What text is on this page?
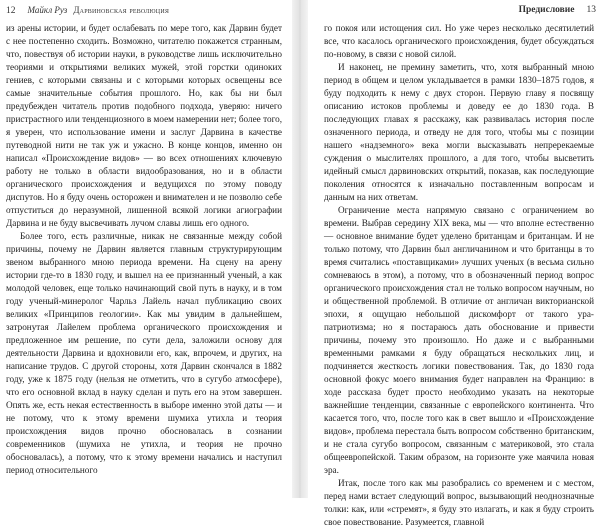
12 Майкл Руз Дарвиновская революция

из арены истории, и будет ослабевать по мере того, как Дарвин будет с нее постепенно сходить. Возможно, читателю покажется странным, что, повествуя об истории науки, в руководстве лишь исключительно теориями и открытиями великих мужей, этой горстки одиноких гениев, с которыми связаны и с которыми которых освещены все самые значительные события прошлого. Но, как бы ни был предубежден читатель против подобного подхода, уверяю: ничего пристрастного или тенденциозного в моем намерении нет; более того, я уверен, что использование имени и заслуг Дарвина в качестве путеводной нити не так уж и ужасно. В конце концов, именно он написал «Происхождение видов» — во всех отношениях ключевую работу не только в области видообразования, но и в области органического происхождения и ведущихся по этому поводу диспутов. Но я буду очень осторожен и внимателен и не позволю себе отпуститься до неразумной, лишенной всякой логики агиографии Дарвина и не буду высвечивать лучом славы лишь его одного.

Более того, есть различные, никак не связанные между собой причины, почему не Дарвин является главным структурирующим звеном выбранного мною периода времени. На сцену на арену истории где-то в 1830 году, и вышел на ее признанный ученый, а как молодой человек, еще только начинающий свой путь в науку, и в том году ученый-минеролог Чарльз Лайель начал публикацию своих великих «Принципов геологии». Как мы увидим в дальнейшем, затронутая Лайелем проблема органического происхождения и предложенное им решение, по сути дела, заложили основу для деятельности Дарвина и вдохновили его, как, впрочем, и других, на написание трудов. С другой стороны, хотя Дарвин скончался в 1882 году, уже к 1875 году (нельзя не отметить, что в сугубо атмосфере), что его основной вклад в науку сделан и путь его на этом завершен. Опять же, есть некая естественность в выборе именно этой даты — и не потому, что к этому времени шумиха утихла и теория происхождения видов прочно обосновалась в сознании современников (шумиха не утихла, и теория не прочно обосновалась), а потому, что к этому времени начались и наступил период относительного

Предисловие 13

го покоя или истощения сил. Но уже через несколько десятилетий все, что касалось органического происхождения, будет обсуждаться по-новому, в связи с новой силой.

И наконец, не премину заметить, что, хотя выбранный мною период в общем и целом укладывается в рамки 1830–1875 годов, я буду подходить к нему с двух сторон. Первую главу я посвящу описанию истоков проблемы и доведу ее до 1830 года. В последующих главах я расскажу, как развивалась история после означенного периода, и отведу не для того, чтобы мы с позиции нашего «надземного» века могли высказывать непререкаемые суждения о мыслителях прошлого, а для того, чтобы высветить идейный смысл дарвиновских открытий, показав, как последующие поколения относятся к изначально поставленным вопросам и данным на них ответам.

Ограничение места напрямую связано с ограничением во времени. Выбрав середину XIX века, мы — что вполне естественно — основное внимание будет уделено британцам и британцам. И не только потому, что Дарвин был англичанином и что британцы в то время считались «поставщиками» лучших ученых (в весьма сильно сомневаюсь в этом), а потому, что в обозначенный период вопрос органического происхождения стал не только вопросом научным, но и общественной проблемой. В отличие от англичан викторианской эпохи, я ощущаю небольшой дискомфорт от такого ура-патриотизма; но я постараюсь дать обоснование и привести причины, почему это произошло. Но даже и с выбранными временными рамками я буду обращаться нескольких лиц, и подчиняется жесткость логики повествования. Так, до 1830 года основной фокус моего внимания будет направлен на Францию: в ходе рассказа будет просто необходимо указать на некоторые важнейшие тенденции, связанные с европейского континента. Что касается того, что, после того как в свет вышло и «Происхождение видов», проблема перестала быть вопросом собственно британским, и не стала сугубо вопросом, связанным с материковой, это стала общеевропейской. Таким образом, на горизонте уже маячила новая эра.

Итак, после того как мы разобрались со временем и с местом, перед нами встает следующий вопрос, вызывающий неоднозначные толки: как, или «стремят», я буду это излагать, и как я буду строить свое повествование. Разумеется, главной
